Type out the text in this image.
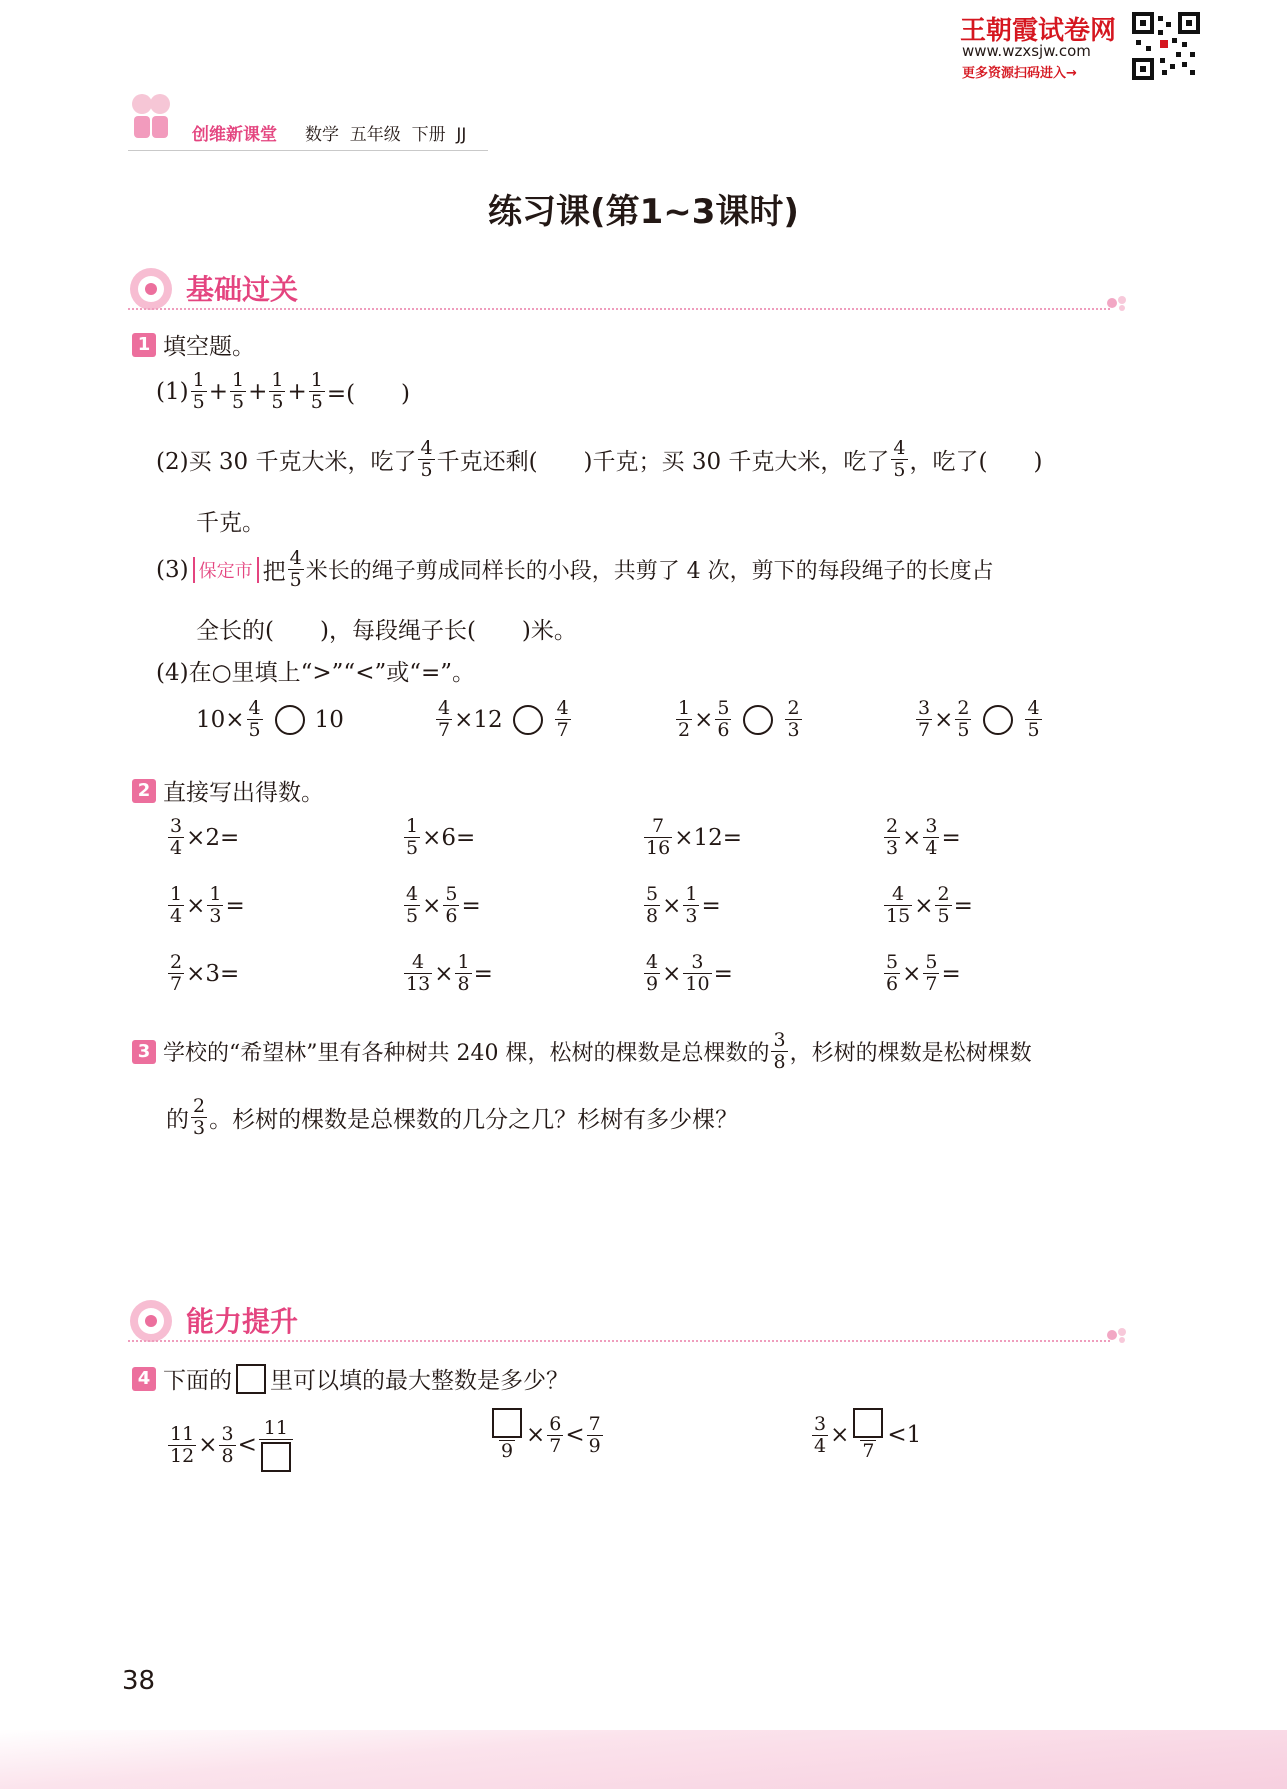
创维新课堂 数学  五年级  下册  JJ
王朝霞试卷网
www.wzxsjw.com
更多资源扫码进入→
练习课(第1~3课时)
基础过关
1 填空题。
$(1) \frac{1}{5} + \frac{1}{5} + \frac{1}{5} + \frac{1}{5}$ =(　　)
(2)买 30 千克大米，吃了 $\frac{4}{5}$ 千克还剩(　　)千克；买 30 千克大米，吃了 $\frac{4}{5}$ ，吃了(　　)
千克。
(3) 保定市 把 $\frac{4}{5}$ 米长的绳子剪成同样长的小段，共剪了 4 次，剪下的每段绳子的长度占
全长的(　　)，每段绳子长(　　)米。
(4)在○里填上“>”“<”或“=”。
$10\times \frac{4}{5} 10$	$\frac{4}{7} \times 12$	$\frac{4}{7}$	$\frac{1}{2} \times \frac{5}{6}$	$\frac{2}{3}$	$\frac{3}{7} \times \frac{2}{5}$	$\frac{4}{5}$
2 直接写出得数。
$\frac{3}{4} \times 2=$	$\frac{1}{5} \times 6=$	$\frac{7}{16} \times 12=$	$\frac{2}{3} \times \frac{3}{4}$ =
$\frac{1}{4} \times \frac{1}{3}$ =	$\frac{4}{5} \times \frac{5}{6}$ =	$\frac{5}{8} \times \frac{1}{3}$ =	$\frac{4}{15} \times \frac{2}{5}$ =
$\frac{2}{7} \times 3=$	$\frac{4}{13} \times \frac{1}{8}$ =	$\frac{4}{9} \times \frac{3}{10}$ =	$\frac{5}{6} \times \frac{5}{7}$ =
3 学校的“希望林”里有各种树共 240 棵，松树的棵数是总棵数的 $\frac{3}{8}$ ，杉树的棵数是松树棵数
的 $\frac{2}{3}$ 。杉树的棵数是总棵数的几分之几？杉树有多少棵？
能力提升
4 下面的 里可以填的最大整数是多少？
$\frac{11}{12} \times \frac{3}{8}$ <
11
9
× $\frac{6}{7} < \frac{7}{9}$	$\frac{3}{4}$ ×
7
<1
38
